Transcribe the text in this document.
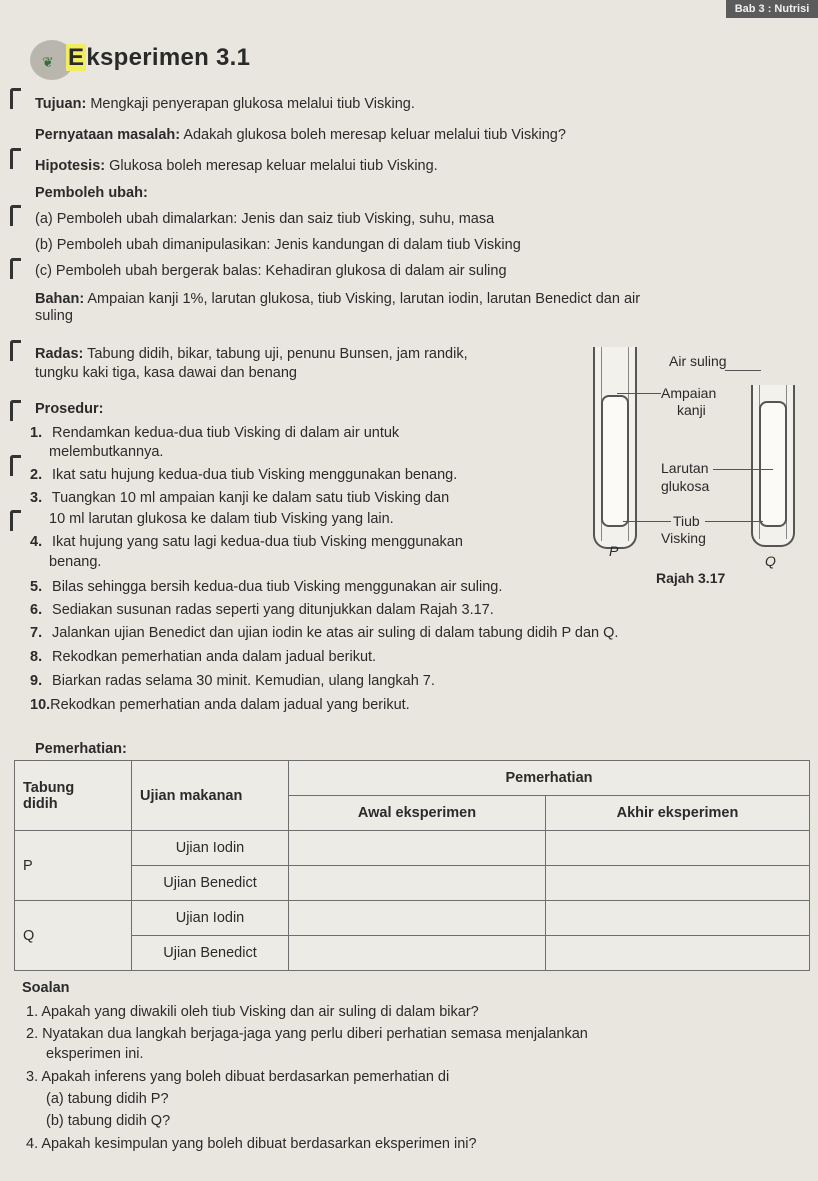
Bab 3 : Nutrisi
❦ Eksperimen 3.1
Tujuan: Mengkaji penyerapan glukosa melalui tiub Visking.
Pernyataan masalah: Adakah glukosa boleh meresap keluar melalui tiub Visking?
Hipotesis: Glukosa boleh meresap keluar melalui tiub Visking.
Pemboleh ubah:
(a) Pemboleh ubah dimalarkan: Jenis dan saiz tiub Visking, suhu, masa
(b) Pemboleh ubah dimanipulasikan: Jenis kandungan di dalam tiub Visking
(c) Pemboleh ubah bergerak balas: Kehadiran glukosa di dalam air suling
Bahan: Ampaian kanji 1%, larutan glukosa, tiub Visking, larutan iodin, larutan Benedict dan air
suling
Radas: Tabung didih, bikar, tabung uji, penunu Bunsen, jam randik,
tungku kaki tiga, kasa dawai dan benang
Prosedur:
1. Rendamkan kedua-dua tiub Visking di dalam air untuk
melembutkannya.
2. Ikat satu hujung kedua-dua tiub Visking menggunakan benang.
3. Tuangkan 10 ml ampaian kanji ke dalam satu tiub Visking dan
10 ml larutan glukosa ke dalam tiub Visking yang lain.
4. Ikat hujung yang satu lagi kedua-dua tiub Visking menggunakan
benang.
5. Bilas sehingga bersih kedua-dua tiub Visking menggunakan air suling.
6. Sediakan susunan radas seperti yang ditunjukkan dalam Rajah 3.17.
7. Jalankan ujian Benedict dan ujian iodin ke atas air suling di dalam tabung didih P dan Q.
8. Rekodkan pemerhatian anda dalam jadual berikut.
9. Biarkan radas selama 30 minit. Kemudian, ulang langkah 7.
10.Rekodkan pemerhatian anda dalam jadual yang berikut.
Air suling
Ampaian
kanji
Larutan
glukosa
Tiub
Visking
P
Q
Rajah 3.17
Pemerhatian:
Tabung
didih	Ujian makanan	Pemerhatian	
		Awal eksperimen	Akhir eksperimen
P	Ujian Iodin		
	Ujian Benedict		
Q	Ujian Iodin		
	Ujian Benedict		
Soalan
1. Apakah yang diwakili oleh tiub Visking dan air suling di dalam bikar?
2. Nyatakan dua langkah berjaga-jaga yang perlu diberi perhatian semasa menjalankan
eksperimen ini.
3. Apakah inferens yang boleh dibuat berdasarkan pemerhatian di
(a) tabung didih P?
(b) tabung didih Q?
4. Apakah kesimpulan yang boleh dibuat berdasarkan eksperimen ini?
